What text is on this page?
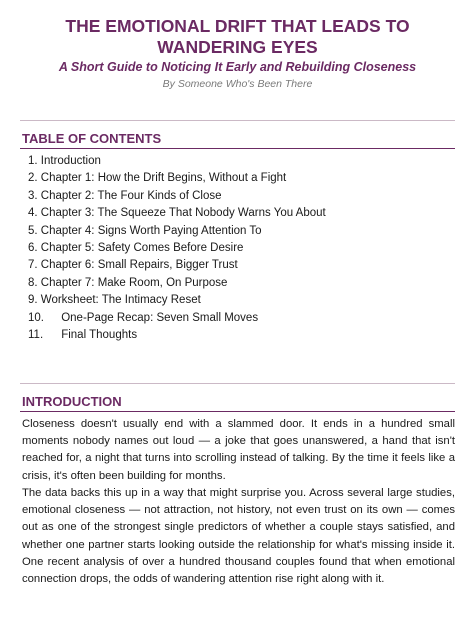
THE EMOTIONAL DRIFT THAT LEADS TO
WANDERING EYES

A Short Guide to Noticing It Early and Rebuilding Closeness

By Someone Who's Been There

TABLE OF CONTENTS
1. Introduction
2. Chapter 1: How the Drift Begins, Without a Fight
3. Chapter 2: The Four Kinds of Close
4. Chapter 3: The Squeeze That Nobody Warns You About
5. Chapter 4: Signs Worth Paying Attention To
6. Chapter 5: Safety Comes Before Desire
7. Chapter 6: Small Repairs, Bigger Trust
8. Chapter 7: Make Room, On Purpose
9. Worksheet: The Intimacy Reset
10. One-Page Recap: Seven Small Moves
11. Final Thoughts
INTRODUCTION

Closeness doesn't usually end with a slammed door. It ends in a hundred small moments nobody names out loud — a joke that goes unanswered, a hand that isn't reached for, a night that turns into scrolling instead of talking. By the time it feels like a crisis, it's often been building for months.

The data backs this up in a way that might surprise you. Across several large studies, emotional closeness — not attraction, not history, not even trust on its own — comes out as one of the strongest single predictors of whether a couple stays satisfied, and whether one partner starts looking outside the relationship for what's missing inside it. One recent analysis of over a hundred thousand couples found that when emotional connection drops, the odds of wandering attention rise right along with it.
